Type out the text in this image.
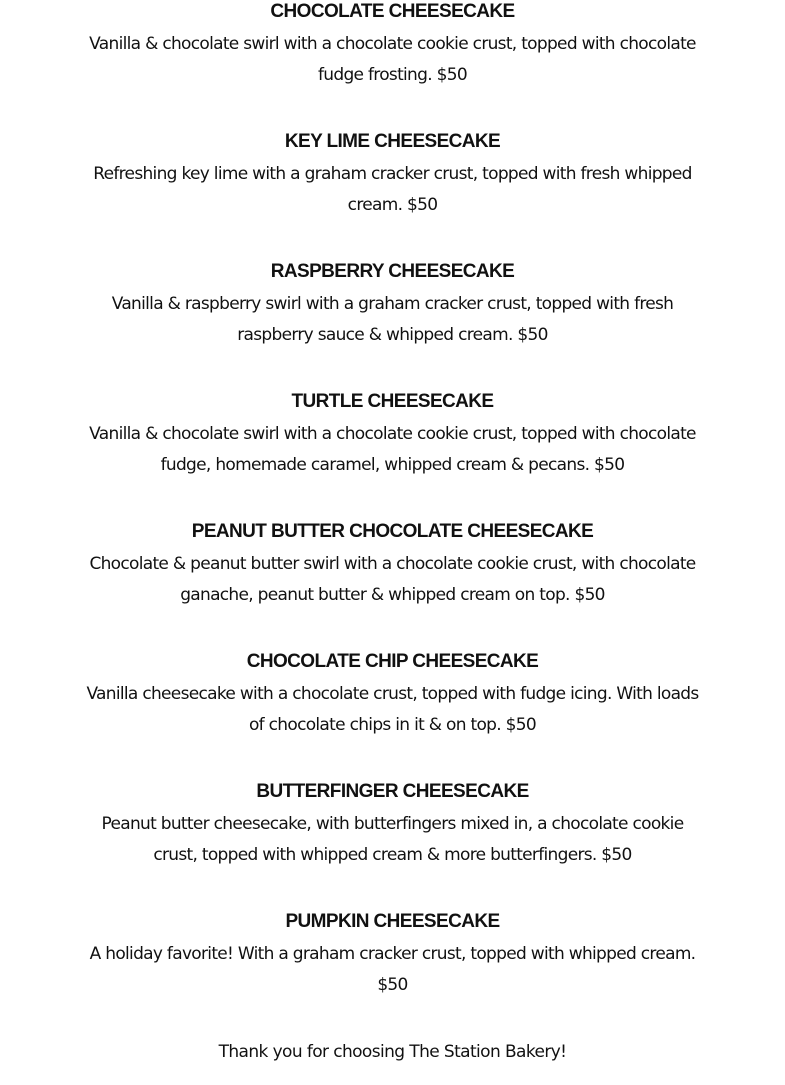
CHOCOLATE CHEESECAKE
Vanilla & chocolate swirl with a chocolate cookie crust, topped with chocolate fudge frosting. $50
KEY LIME CHEESECAKE
Refreshing key lime with a graham cracker crust, topped with fresh whipped cream. $50
RASPBERRY CHEESECAKE
Vanilla & raspberry swirl with a graham cracker crust, topped with fresh raspberry sauce & whipped cream. $50
TURTLE CHEESECAKE
Vanilla & chocolate swirl with a chocolate cookie crust, topped with chocolate fudge, homemade caramel, whipped cream & pecans. $50
PEANUT BUTTER CHOCOLATE CHEESECAKE
Chocolate & peanut butter swirl with a chocolate cookie crust, with chocolate ganache, peanut butter & whipped cream on top. $50
CHOCOLATE CHIP CHEESECAKE
Vanilla cheesecake with a chocolate crust, topped with fudge icing. With loads of chocolate chips in it & on top. $50
BUTTERFINGER CHEESECAKE
Peanut butter cheesecake, with butterfingers mixed in, a chocolate cookie crust, topped with whipped cream & more butterfingers. $50
PUMPKIN CHEESECAKE
A holiday favorite! With a graham cracker crust, topped with whipped cream. $50
Thank you for choosing The Station Bakery!
